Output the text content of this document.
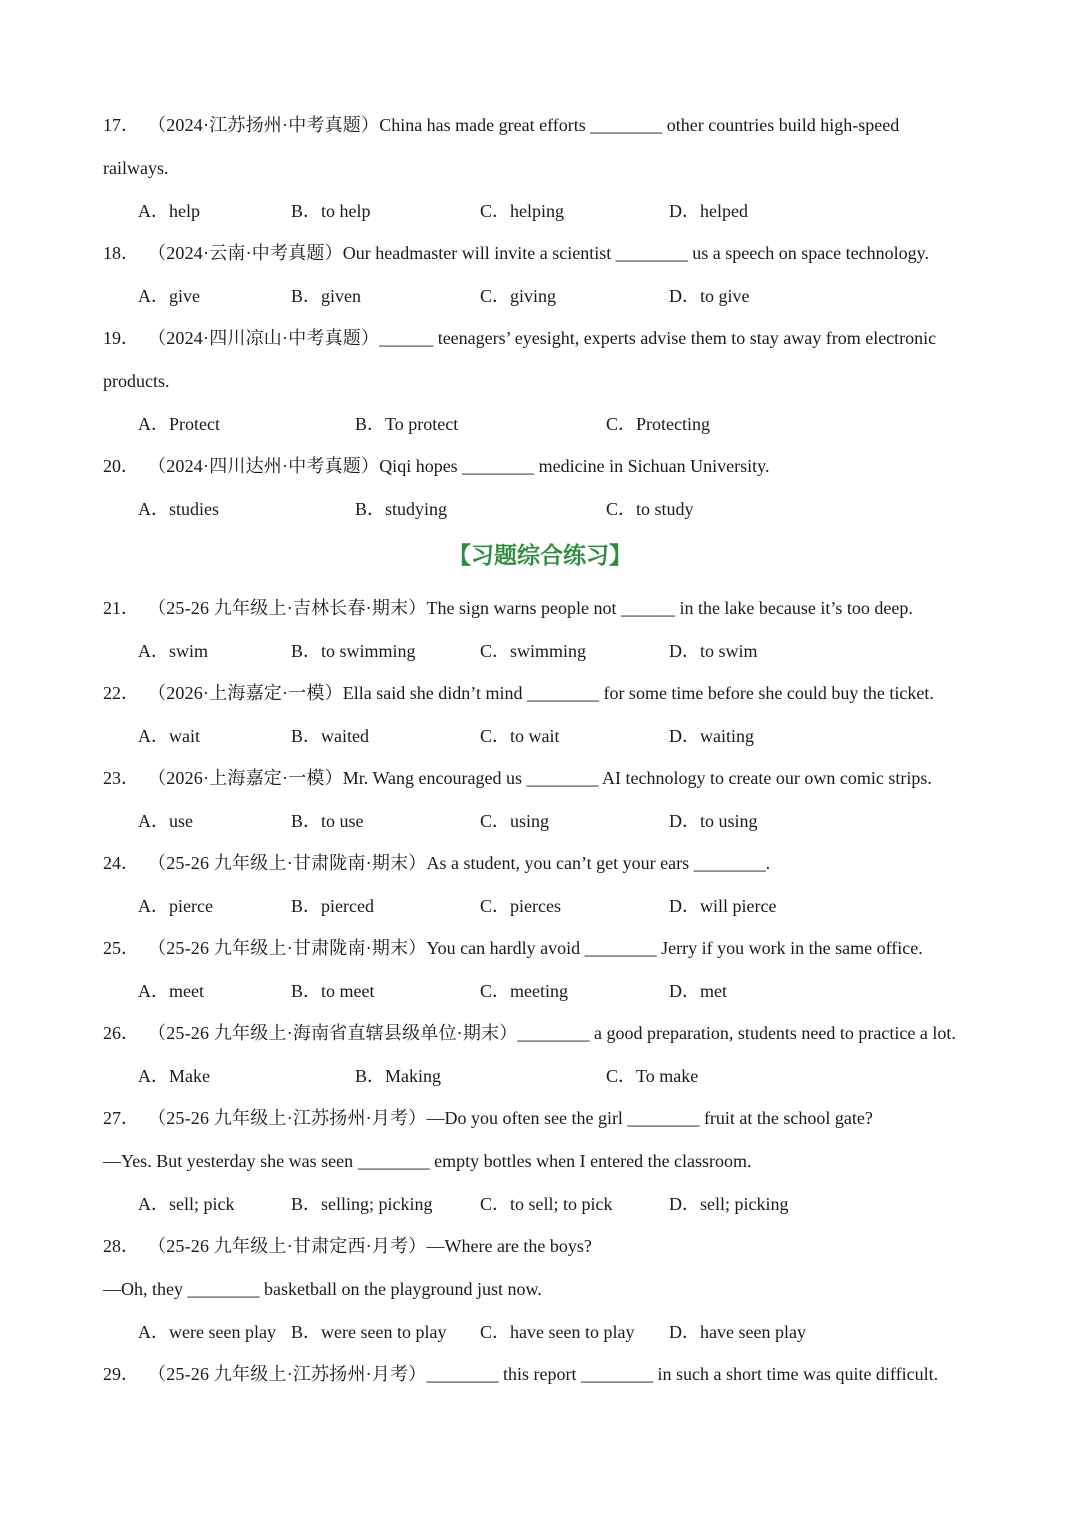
17． （2024·江苏扬州·中考真题）China has made great efforts ________ other countries build high-speed
railways.
A．help	B．to help	C．helping	D．helped
18． （2024·云南·中考真题）Our headmaster will invite a scientist ________ us a speech on space technology.
A．give	B．given	C．giving	D．to give
19． （2024·四川凉山·中考真题）______ teenagers’ eyesight, experts advise them to stay away from electronic
products.
A．Protect	B．To protect	C．Protecting
20． （2024·四川达州·中考真题）Qiqi hopes ________ medicine in Sichuan University.
A．studies	B．studying	C．to study
【习题综合练习】
21． （25-26 九年级上·吉林长春·期末）The sign warns people not ______ in the lake because it’s too deep.
A．swim	B．to swimming	C．swimming	D．to swim
22． （2026·上海嘉定·一模）Ella said she didn’t mind ________ for some time before she could buy the ticket.
A．wait	B．waited	C．to wait	D．waiting
23． （2026·上海嘉定·一模）Mr. Wang encouraged us ________ AI technology to create our own comic strips.
A．use	B．to use	C．using	D．to using
24． （25-26 九年级上·甘肃陇南·期末）As a student, you can’t get your ears ________.
A．pierce	B．pierced	C．pierces	D．will pierce
25． （25-26 九年级上·甘肃陇南·期末）You can hardly avoid ________ Jerry if you work in the same office.
A．meet	B．to meet	C．meeting	D．met
26． （25-26 九年级上·海南省直辖县级单位·期末）________ a good preparation, students need to practice a lot.
A．Make	B．Making	C．To make
27． （25-26 九年级上·江苏扬州·月考）—Do you often see the girl ________ fruit at the school gate?
—Yes. But yesterday she was seen ________ empty bottles when I entered the classroom.
A．sell; pick	B．selling; picking	C．to sell; to pick	D．sell; picking
28． （25-26 九年级上·甘肃定西·月考）—Where are the boys?
—Oh, they ________ basketball on the playground just now.
A．were seen play B．were seen to play C．have seen to play D．have seen play
29． （25-26 九年级上·江苏扬州·月考）________ this report ________ in such a short time was quite difficult.
